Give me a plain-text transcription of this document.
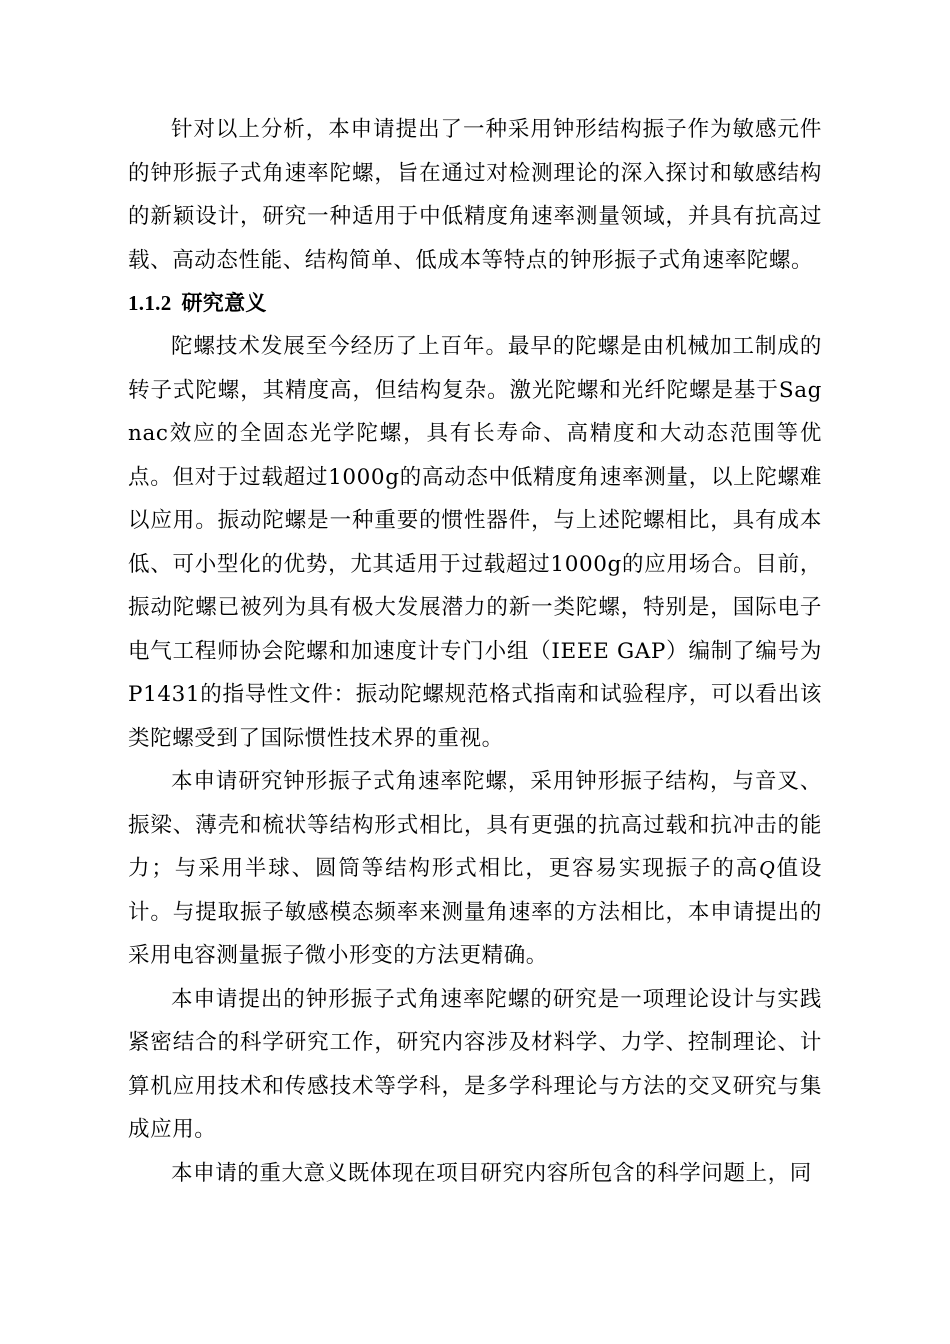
针对以上分析，本申请提出了一种采用钟形结构振子作为敏感元件的钟形振子式角速率陀螺，旨在通过对检测理论的深入探讨和敏感结构的新颖设计，研究一种适用于中低精度角速率测量领域，并具有抗高过载、高动态性能、结构简单、低成本等特点的钟形振子式角速率陀螺。

1.1.2 研究意义

陀螺技术发展至今经历了上百年。最早的陀螺是由机械加工制成的转子式陀螺，其精度高，但结构复杂。激光陀螺和光纤陀螺是基于Sagnac效应的全固态光学陀螺，具有长寿命、高精度和大动态范围等优点。但对于过载超过1000g的高动态中低精度角速率测量，以上陀螺难以应用。振动陀螺是一种重要的惯性器件，与上述陀螺相比，具有成本低、可小型化的优势，尤其适用于过载超过1000g的应用场合。目前，振动陀螺已被列为具有极大发展潜力的新一类陀螺，特别是，国际电子电气工程师协会陀螺和加速度计专门小组（IEEE GAP）编制了编号为P1431的指导性文件：振动陀螺规范格式指南和试验程序，可以看出该类陀螺受到了国际惯性技术界的重视。

本申请研究钟形振子式角速率陀螺，采用钟形振子结构，与音叉、振梁、薄壳和梳状等结构形式相比，具有更强的抗高过载和抗冲击的能力；与采用半球、圆筒等结构形式相比，更容易实现振子的高Q值设计。与提取振子敏感模态频率来测量角速率的方法相比，本申请提出的采用电容测量振子微小形变的方法更精确。

本申请提出的钟形振子式角速率陀螺的研究是一项理论设计与实践紧密结合的科学研究工作，研究内容涉及材料学、力学、控制理论、计算机应用技术和传感技术等学科，是多学科理论与方法的交叉研究与集成应用。

本申请的重大意义既体现在项目研究内容所包含的科学问题上，同
